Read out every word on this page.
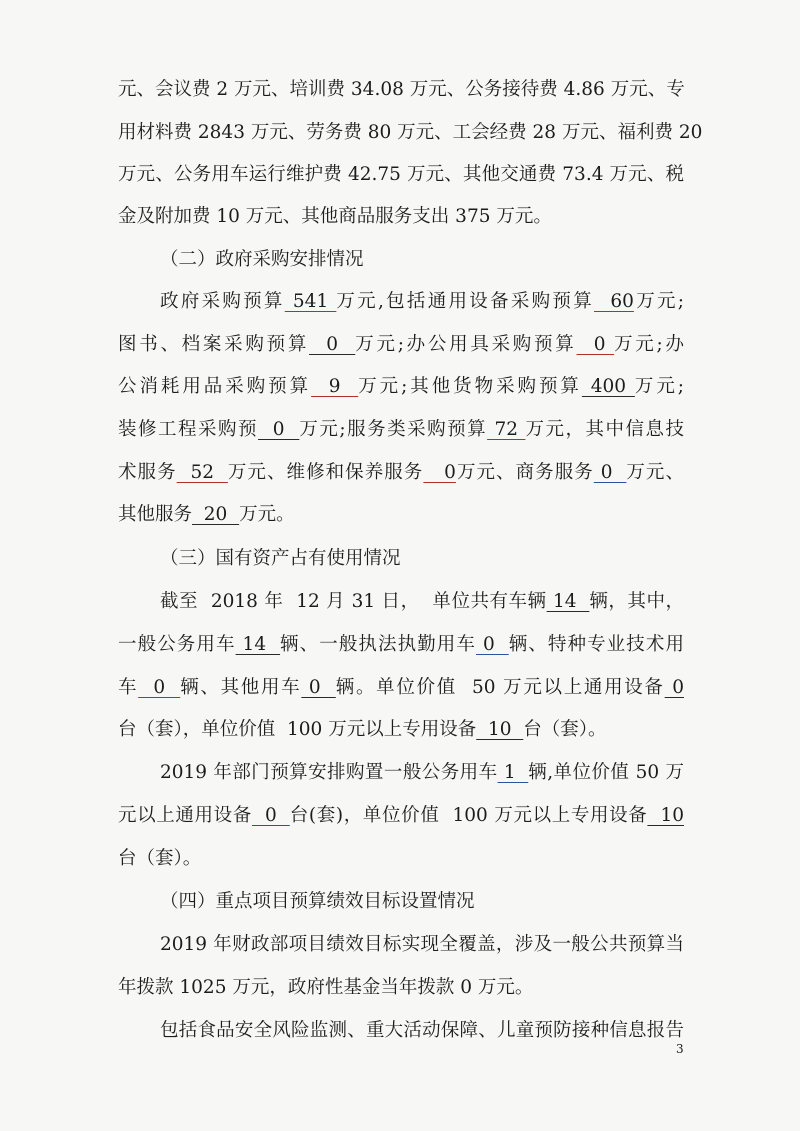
元、会议费 2 万元、培训费 34.08 万元、公务接待费 4.86 万元、专
用材料费 2843 万元、劳务费 80 万元、工会经费 28 万元、福利费 20
万元、公务用车运行维护费 42.75 万元、其他交通费 73.4 万元、税
金及附加费 10 万元、其他商品服务支出 375 万元。
（二）政府采购安排情况
政府采购预算 541 万元,包括通用设备采购预算  60万元;
图书、档案采购预算  0  万元;办公用具采购预算  0 万元;办
公消耗用品采购预算  9  万元;其他货物采购预算 400 万元;
装修工程采购预  0  万元;服务类采购预算 72 万元，其中信息技
术服务  52  万元、维修和保养服务   0万元、商务服务 0  万元、
其他服务  20  万元。
（三）国有资产占有使用情况
截至  2018 年  12 月 31 日，  单位共有车辆 14  辆，其中，
一般公务用车 14  辆、一般执法执勤用车 0  辆、特种专业技术用
车  0  辆、其他用车 0  辆。单位价值  50 万元以上通用设备 0
台（套），单位价值  100 万元以上专用设备  10  台（套）。
2019 年部门预算安排购置一般公务用车 1  辆,单位价值 50 万
元以上通用设备  0  台(套)，单位价值  100 万元以上专用设备  10
台（套）。
（四）重点项目预算绩效目标设置情况
2019 年财政部项目绩效目标实现全覆盖，涉及一般公共预算当
年拨款 1025 万元，政府性基金当年拨款 0 万元。
包括食品安全风险监测、重大活动保障、儿童预防接种信息报告
3
